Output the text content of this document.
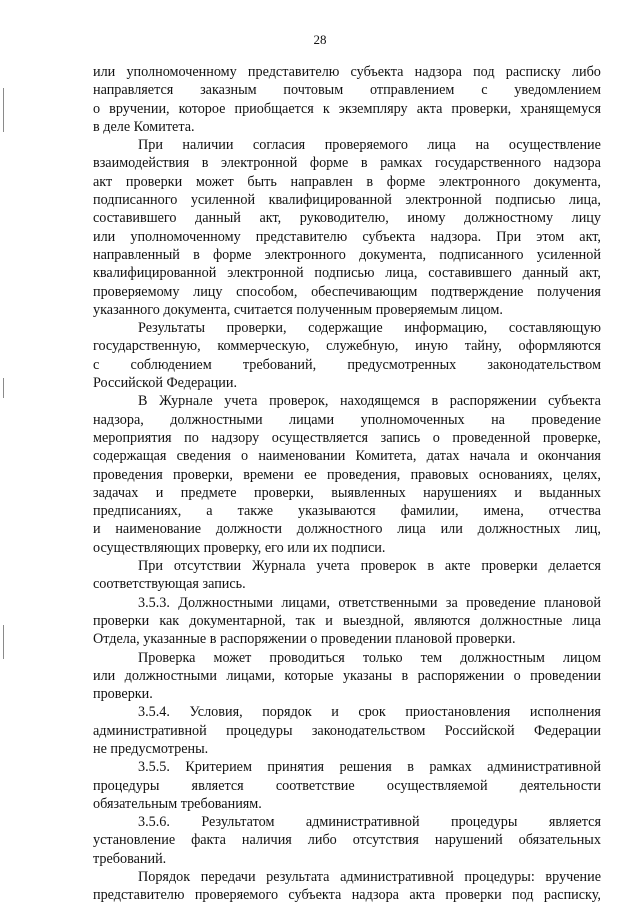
28
или уполномоченному представителю субъекта надзора под расписку либо
направляется заказным почтовым отправлением с уведомлением
о вручении, которое приобщается к экземпляру акта проверки, хранящемуся
в деле Комитета.
При наличии согласия проверяемого лица на осуществление
взаимодействия в электронной форме в рамках государственного надзора
акт проверки может быть направлен в форме электронного документа,
подписанного усиленной квалифицированной электронной подписью лица,
составившего данный акт, руководителю, иному должностному лицу
или уполномоченному представителю субъекта надзора. При этом акт,
направленный в форме электронного документа, подписанного усиленной
квалифицированной электронной подписью лица, составившего данный акт,
проверяемому лицу способом, обеспечивающим подтверждение получения
указанного документа, считается полученным проверяемым лицом.
Результаты проверки, содержащие информацию, составляющую
государственную, коммерческую, служебную, иную тайну, оформляются
с соблюдением требований, предусмотренных законодательством
Российской Федерации.
В Журнале учета проверок, находящемся в распоряжении субъекта
надзора, должностными лицами уполномоченных на проведение
мероприятия по надзору осуществляется запись о проведенной проверке,
содержащая сведения о наименовании Комитета, датах начала и окончания
проведения проверки, времени ее проведения, правовых основаниях, целях,
задачах и предмете проверки, выявленных нарушениях и выданных
предписаниях, а также указываются фамилии, имена, отчества
и наименование должности должностного лица или должностных лиц,
осуществляющих проверку, его или их подписи.
При отсутствии Журнала учета проверок в акте проверки делается
соответствующая запись.
3.5.3. Должностными лицами, ответственными за проведение плановой
проверки как документарной, так и выездной, являются должностные лица
Отдела, указанные в распоряжении о проведении плановой проверки.
Проверка может проводиться только тем должностным лицом
или должностными лицами, которые указаны в распоряжении о проведении
проверки.
3.5.4. Условия, порядок и срок приостановления исполнения
административной процедуры законодательством Российской Федерации
не предусмотрены.
3.5.5. Критерием принятия решения в рамках административной
процедуры является соответствие осуществляемой деятельности
обязательным требованиям.
3.5.6. Результатом административной процедуры является
установление факта наличия либо отсутствия нарушений обязательных
требований.
Порядок передачи результата административной процедуры: вручение
представителю проверяемого субъекта надзора акта проверки под расписку,
